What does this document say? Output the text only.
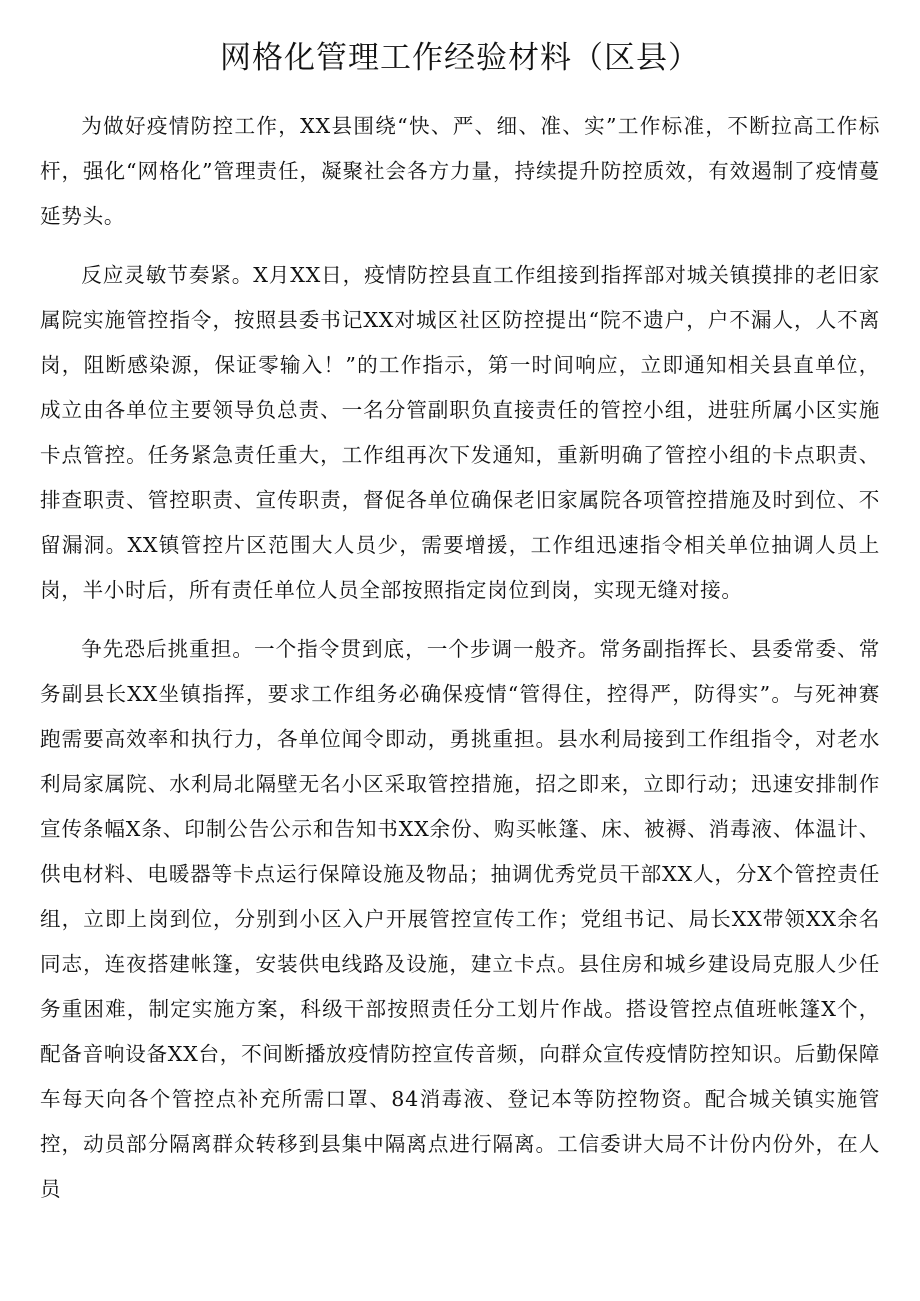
网格化管理工作经验材料（区县）

为做好疫情防控工作，XX县围绕“快、严、细、准、实”工作标准，不断拉高工作标杆，强化“网格化”管理责任，凝聚社会各方力量，持续提升防控质效，有效遏制了疫情蔓延势头。

反应灵敏节奏紧。X月XX日，疫情防控县直工作组接到指挥部对城关镇摸排的老旧家属院实施管控指令，按照县委书记XX对城区社区防控提出“院不遗户，户不漏人，人不离岗，阻断感染源，保证零输入！”的工作指示，第一时间响应，立即通知相关县直单位，成立由各单位主要领导负总责、一名分管副职负直接责任的管控小组，进驻所属小区实施卡点管控。任务紧急责任重大，工作组再次下发通知，重新明确了管控小组的卡点职责、排查职责、管控职责、宣传职责，督促各单位确保老旧家属院各项管控措施及时到位、不留漏洞。XX镇管控片区范围大人员少，需要增援，工作组迅速指令相关单位抽调人员上岗，半小时后，所有责任单位人员全部按照指定岗位到岗，实现无缝对接。

争先恐后挑重担。一个指令贯到底，一个步调一般齐。常务副指挥长、县委常委、常务副县长XX坐镇指挥，要求工作组务必确保疫情“管得住，控得严，防得实”。与死神赛跑需要高效率和执行力，各单位闻令即动，勇挑重担。县水利局接到工作组指令，对老水利局家属院、水利局北隔壁无名小区采取管控措施，招之即来，立即行动；迅速安排制作宣传条幅X条、印制公告公示和告知书XX余份、购买帐篷、床、被褥、消毒液、体温计、供电材料、电暖器等卡点运行保障设施及物品；抽调优秀党员干部XX人，分X个管控责任组，立即上岗到位，分别到小区入户开展管控宣传工作；党组书记、局长XX带领XX余名同志，连夜搭建帐篷，安装供电线路及设施，建立卡点。县住房和城乡建设局克服人少任务重困难，制定实施方案，科级干部按照责任分工划片作战。搭设管控点值班帐篷X个，配备音响设备XX台，不间断播放疫情防控宣传音频，向群众宣传疫情防控知识。后勤保障车每天向各个管控点补充所需口罩、84消毒液、登记本等防控物资。配合城关镇实施管控，动员部分隔离群众转移到县集中隔离点进行隔离。工信委讲大局不计份内份外，在人员
